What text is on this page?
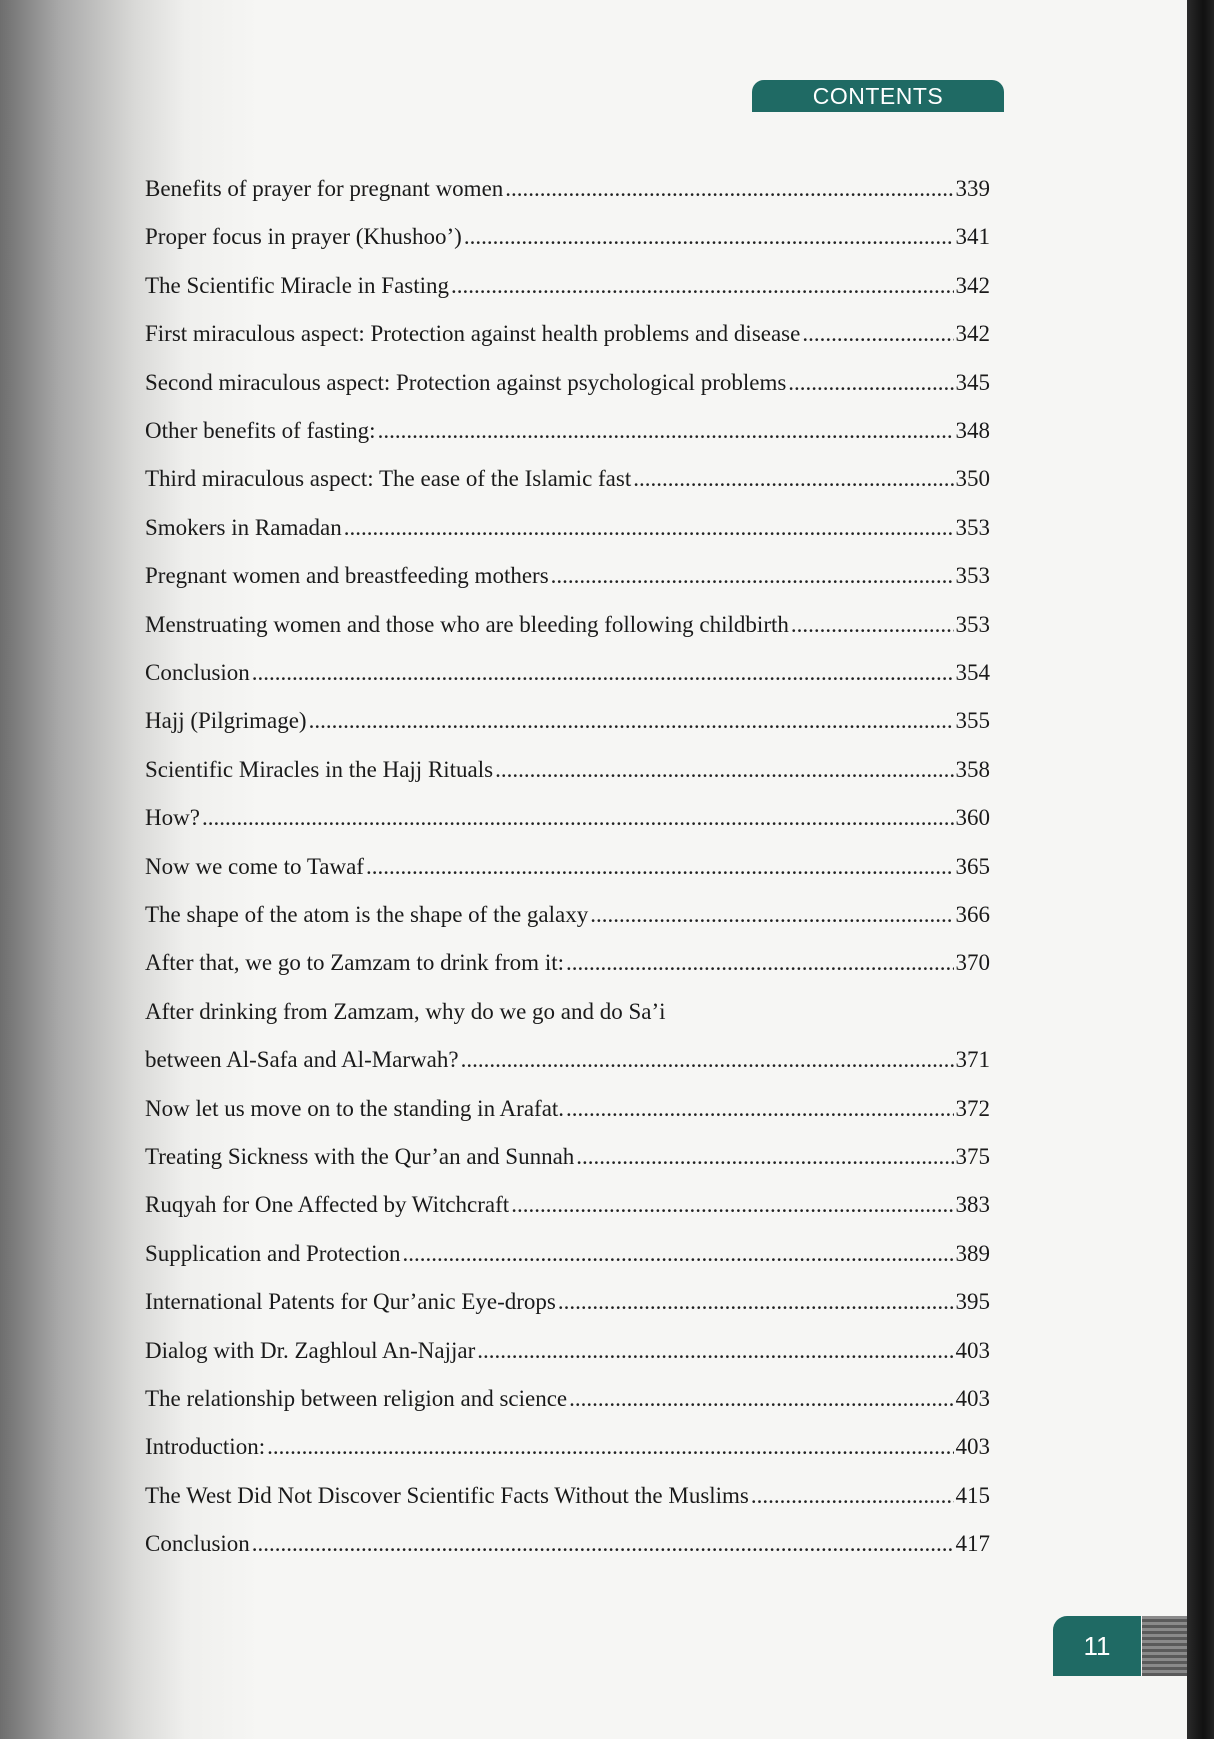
CONTENTS
Benefits of prayer for pregnant women .....	339
Proper focus in prayer (Khushoo’) .....	341
The Scientific Miracle in Fasting .....	342
First miraculous aspect: Protection against health problems and disease .....	342
Second miraculous aspect: Protection against psychological problems .....	345
Other benefits of fasting: .....	348
Third miraculous aspect: The ease of the Islamic fast .....	350
Smokers in Ramadan .....	353
Pregnant women and breastfeeding mothers .....	353
Menstruating women and those who are bleeding following childbirth .....	353
Conclusion .....	354
Hajj (Pilgrimage) .....	355
Scientific Miracles in the Hajj Rituals .....	358
How? .....	360
Now we come to Tawaf .....	365
The shape of the atom is the shape of the galaxy .....	366
After that, we go to Zamzam to drink from it: .....	370
After drinking from Zamzam, why do we go and do Sa’i
between Al-Safa and Al-Marwah? .....	371
Now let us move on to the standing in Arafat. .....	372
Treating Sickness with the Qur’an and Sunnah .....	375
Ruqyah for One Affected by Witchcraft .....	383
Supplication and Protection .....	389
International Patents for Qur’anic Eye-drops .....	395
Dialog with Dr. Zaghloul An-Najjar .....	403
The relationship between religion and science .....	403
Introduction: .....	403
The West Did Not Discover Scientific Facts Without the Muslims .....	415
Conclusion .....	417
11
